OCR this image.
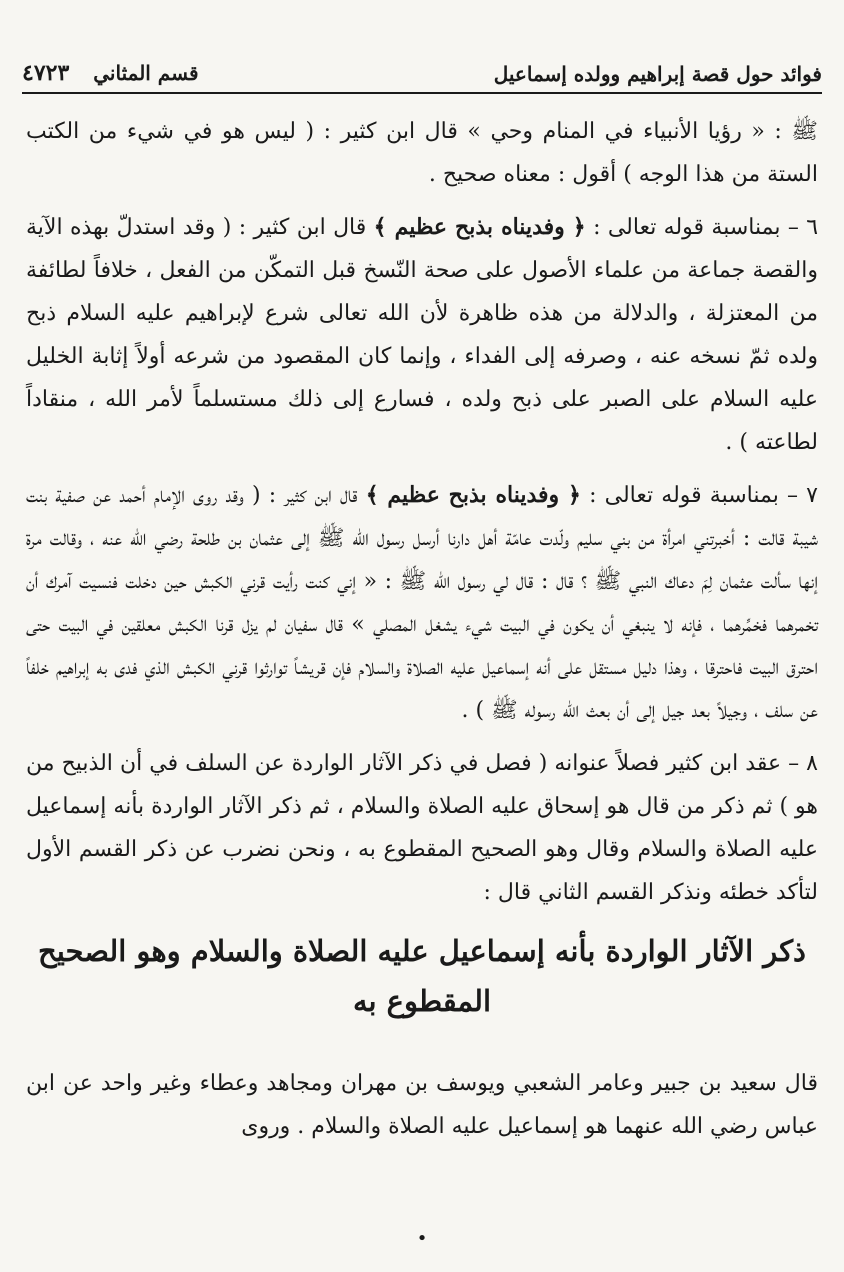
فوائد حول قصة إبراهيم وولده إسماعيل
قسم المثاني
٤٧٢٣

ﷺ : « رؤيا الأنبياء في المنام وحي » قال ابن كثير : ( ليس هو في شيء من الكتب الستة من هذا الوجه ) أقول : معناه صحيح .

٦ – بمناسبة قوله تعالى : ﴿ وفديناه بذبح عظيم ﴾ قال ابن كثير : ( وقد استدلّ بهذه الآية والقصة جماعة من علماء الأصول على صحة النّسخ قبل التمكّن من الفعل ، خلافاً لطائفة من المعتزلة ، والدلالة من هذه ظاهرة لأن الله تعالى شرع لإبراهيم عليه السلام ذبح ولده ثمّ نسخه عنه ، وصرفه إلى الفداء ، وإنما كان المقصود من شرعه أولاً إثابة الخليل عليه السلام على الصبر على ذبح ولده ، فسارع إلى ذلك مستسلماً لأمر الله ، منقاداً لطاعته ) .

٧ – بمناسبة قوله تعالى : ﴿ وفديناه بذبح عظيم ﴾ قال ابن كثير : ( وقد روى الإمام أحمد عن صفية بنت شيبة قالت : أخبرتني امرأة من بني سليم ولّدت عامّة أهل دارنا أرسل رسول الله ﷺ إلى عثمان بن طلحة رضي الله عنه ، وقالت مرة إنها سألت عثمان لِمَ دعاك النبي ﷺ ؟ قال : قال لي رسول الله ﷺ : « إني كنت رأيت قرني الكبش حين دخلت فنسيت آمرك أن تخمرهما فخمِّرهما ، فإنه لا ينبغي أن يكون في البيت شيء يشغل المصلي » قال سفيان لم يزل قرنا الكبش معلقين في البيت حتى احترق البيت فاحترقا ، وهذا دليل مستقل على أنه إسماعيل عليه الصلاة والسلام فإن قريشاً توارثوا قرني الكبش الذي فدى به إبراهيم خلفاً عن سلف ، وجيلاً بعد جيل إلى أن بعث الله رسوله ﷺ ) .

٨ – عقد ابن كثير فصلاً عنوانه ( فصل في ذكر الآثار الواردة عن السلف في أن الذبيح من هو ) ثم ذكر من قال هو إسحاق عليه الصلاة والسلام ، ثم ذكر الآثار الواردة بأنه إسماعيل عليه الصلاة والسلام وقال وهو الصحيح المقطوع به ، ونحن نضرب عن ذكر القسم الأول لتأكد خطئه ونذكر القسم الثاني قال :

ذكر الآثار الواردة بأنه إسماعيل عليه الصلاة والسلام وهو الصحيح المقطوع به

قال سعيد بن جبير وعامر الشعبي ويوسف بن مهران ومجاهد وعطاء وغير واحد عن ابن عباس رضي الله عنهما هو إسماعيل عليه الصلاة والسلام . وروى

•
